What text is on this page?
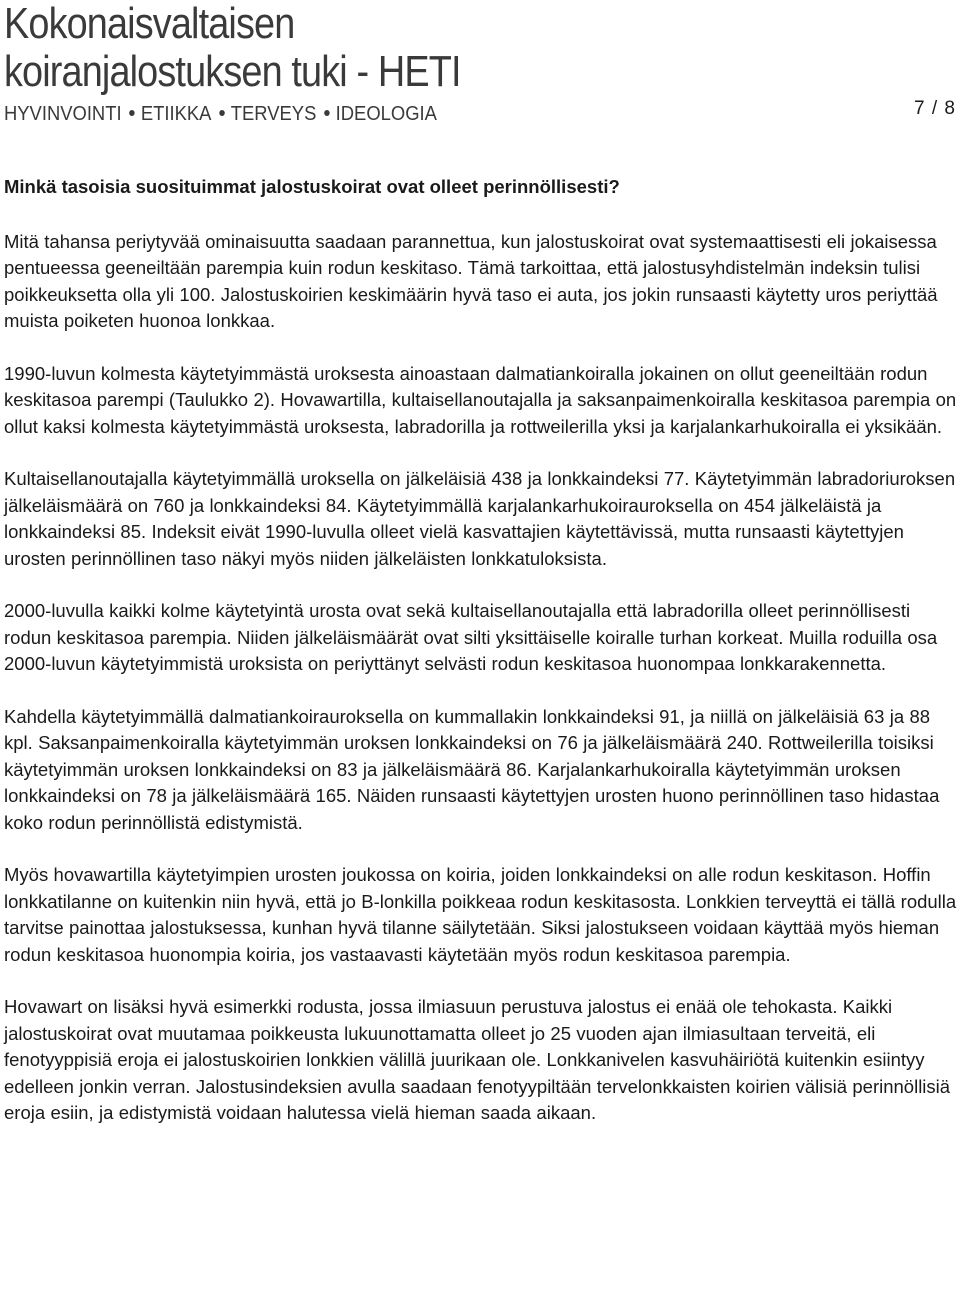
Kokonaisvaltaisen
koiranjalostuksen tuki - HETI
HYVINVOINTI ETIIKKA TERVEYS IDEOLOGIA	7 / 8
Minkä tasoisia suosituimmat jalostuskoirat ovat olleet perinnöllisesti?

Mitä tahansa periytyvää ominaisuutta saadaan parannettua, kun jalostuskoirat ovat systemaattisesti eli jokaisessa pentueessa geeneiltään parempia kuin rodun keskitaso. Tämä tarkoittaa, että jalostusyhdistelmän indeksin tulisi poikkeuksetta olla yli 100. Jalostuskoirien keskimäärin hyvä taso ei auta, jos jokin runsaasti käytetty uros periyttää muista poiketen huonoa lonkkaa.

1990-luvun kolmesta käytetyimmästä uroksesta ainoastaan dalmatiankoiralla jokainen on ollut geeneiltään rodun keskitasoa parempi (Taulukko 2). Hovawartilla, kultaisellanoutajalla ja saksanpaimenkoiralla keskitasoa parempia on ollut kaksi kolmesta käytetyimmästä uroksesta, labradorilla ja rottweilerilla yksi ja karjalankarhukoiralla ei yksikään.

Kultaisellanoutajalla käytetyimmällä uroksella on jälkeläisiä 438 ja lonkkaindeksi 77. Käytetyimmän labradoriuroksen jälkeläismäärä on 760 ja lonkkaindeksi 84. Käytetyimmällä karjalankarhukoirauroksella on 454 jälkeläistä ja lonkkaindeksi 85. Indeksit eivät 1990-luvulla olleet vielä kasvattajien käytettävissä, mutta runsaasti käytettyjen urosten perinnöllinen taso näkyi myös niiden jälkeläisten lonkkatuloksista.

2000-luvulla kaikki kolme käytetyintä urosta ovat sekä kultaisellanoutajalla että labradorilla olleet perinnöllisesti rodun keskitasoa parempia. Niiden jälkeläismäärät ovat silti yksittäiselle koiralle turhan korkeat. Muilla roduilla osa 2000-luvun käytetyimmistä uroksista on periyttänyt selvästi rodun keskitasoa huonompaa lonkkarakennetta.

Kahdella käytetyimmällä dalmatiankoirauroksella on kummallakin lonkkaindeksi 91, ja niillä on jälkeläisiä 63 ja 88 kpl. Saksanpaimenkoiralla käytetyimmän uroksen lonkkaindeksi on 76 ja jälkeläismäärä 240. Rottweilerilla toisiksi käytetyimmän uroksen lonkkaindeksi on 83 ja jälkeläismäärä 86. Karjalankarhukoiralla käytetyimmän uroksen lonkkaindeksi on 78 ja jälkeläismäärä 165. Näiden runsaasti käytettyjen urosten huono perinnöllinen taso hidastaa koko rodun perinnöllistä edistymistä.

Myös hovawartilla käytetyimpien urosten joukossa on koiria, joiden lonkkaindeksi on alle rodun keskitason. Hoffin lonkkatilanne on kuitenkin niin hyvä, että jo B-lonkilla poikkeaa rodun keskitasosta. Lonkkien terveyttä ei tällä rodulla tarvitse painottaa jalostuksessa, kunhan hyvä tilanne säilytetään. Siksi jalostukseen voidaan käyttää myös hieman rodun keskitasoa huonompia koiria, jos vastaavasti käytetään myös rodun keskitasoa parempia.

Hovawart on lisäksi hyvä esimerkki rodusta, jossa ilmiasuun perustuva jalostus ei enää ole tehokasta. Kaikki jalostuskoirat ovat muutamaa poikkeusta lukuunottamatta olleet jo 25 vuoden ajan ilmiasultaan terveitä, eli fenotyyppisiä eroja ei jalostuskoirien lonkkien välillä juurikaan ole. Lonkkanivelen kasvuhäiriötä kuitenkin esiintyy edelleen jonkin verran. Jalostusindeksien avulla saadaan fenotyypiltään tervelonkkaisten koirien välisiä perinnöllisiä eroja esiin, ja edistymistä voidaan halutessa vielä hieman saada aikaan.
